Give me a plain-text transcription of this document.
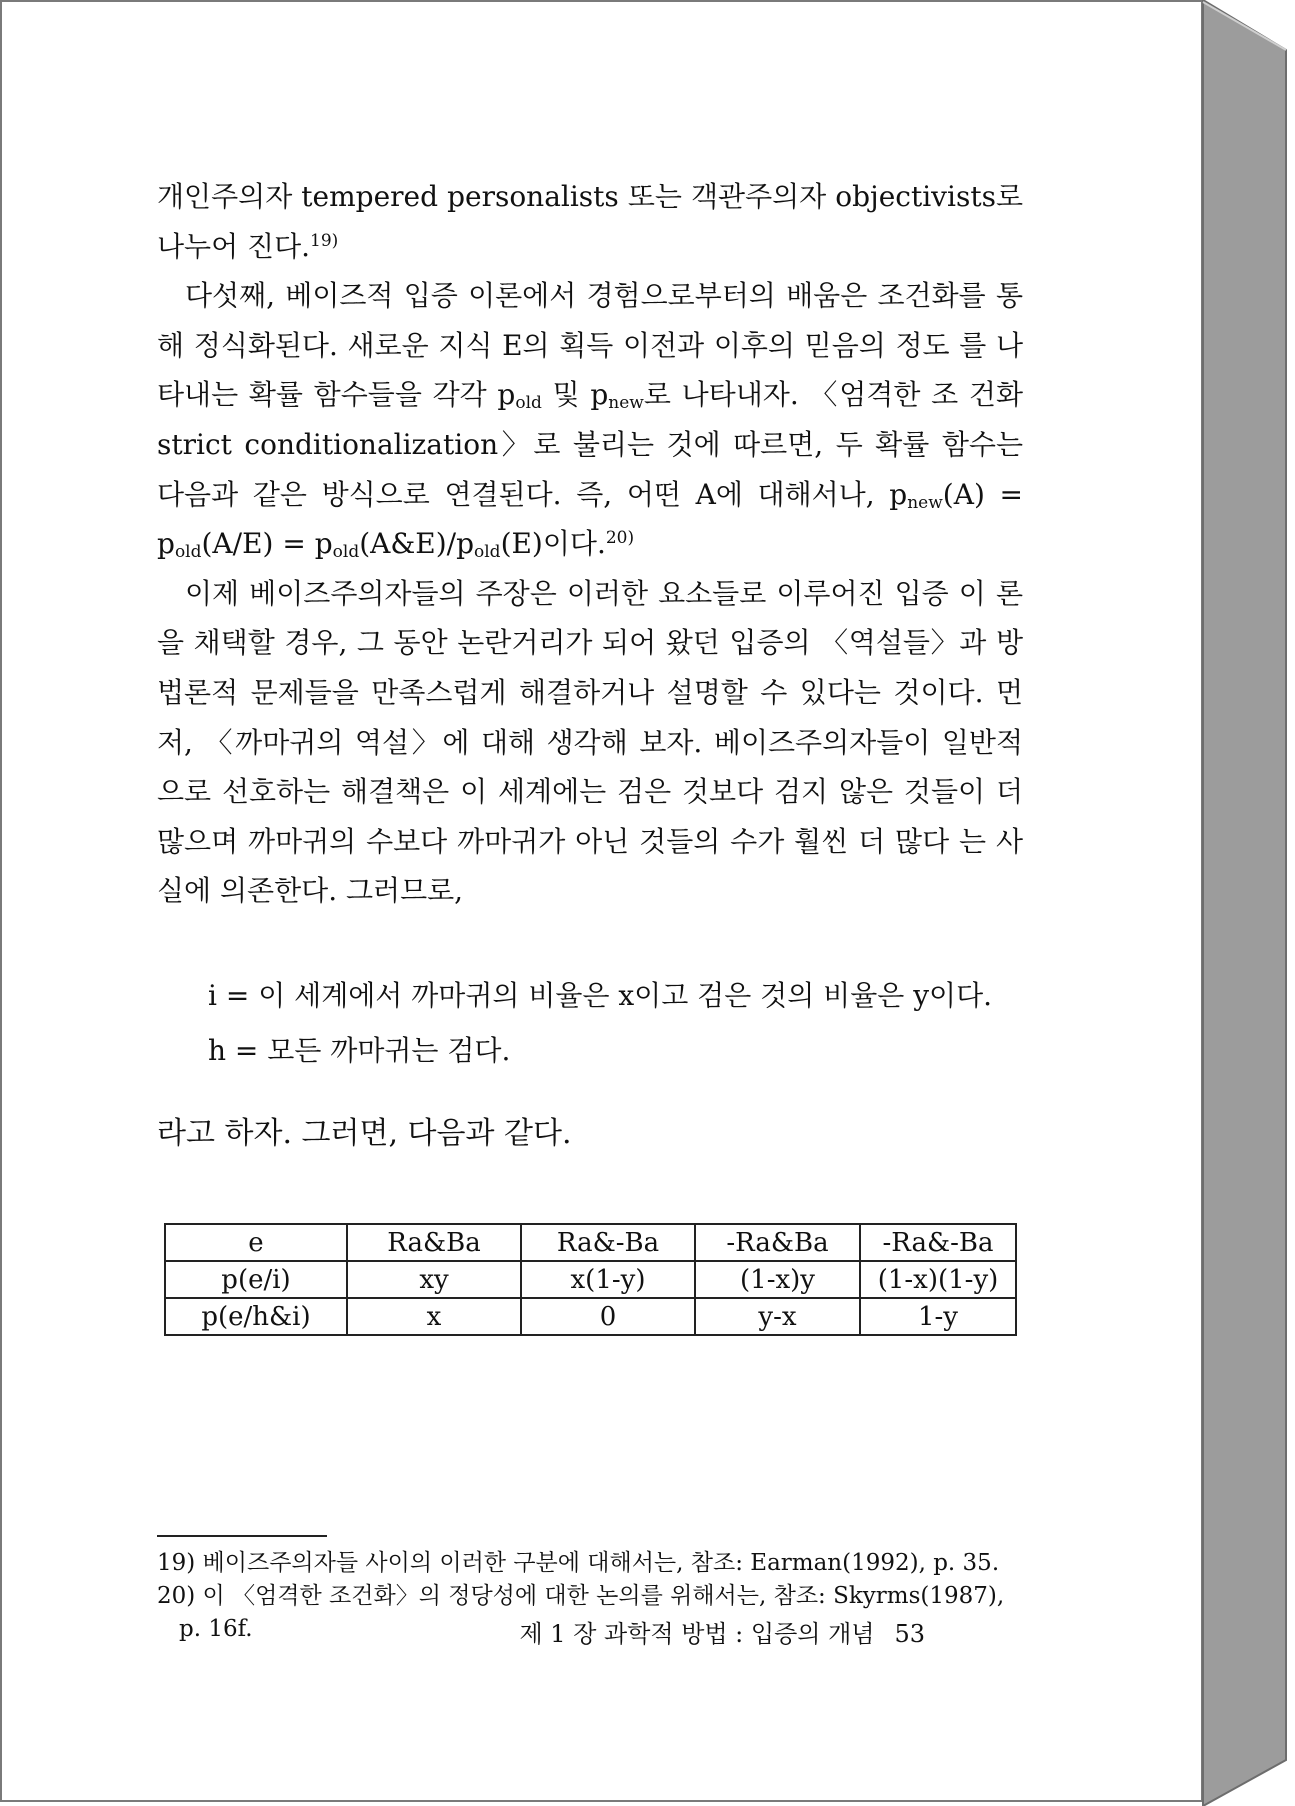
개인주의자 tempered personalists 또는 객관주의자 objectivists로 나누어 진다.$^{19)}$

다섯째, 베이즈적 입증 이론에서 경험으로부터의 배움은 조건화를 통해 정식화된다. 새로운 지식 E의 획득 이전과 이후의 믿음의 정도 를 나타내는 확률 함수들을 각각 $p_{old}$ 및 $p_{new}$로 나타내자. 〈엄격한 조 건화 strict conditionalization〉로 불리는 것에 따르면, 두 확률 함수는 다음과 같은 방식으로 연결된다. 즉, 어떤 A에 대해서나, $p_{new}(A) = p_{old}(A/E)$ = $p_{old}(A\&E)/p_{old}(E)$이다.$^{20)}$

이제 베이즈주의자들의 주장은 이러한 요소들로 이루어진 입증 이 론을 채택할 경우, 그 동안 논란거리가 되어 왔던 입증의 〈역설들〉과 방법론적 문제들을 만족스럽게 해결하거나 설명할 수 있다는 것이다. 먼저, 〈까마귀의 역설〉에 대해 생각해 보자. 베이즈주의자들이 일반적 으로 선호하는 해결책은 이 세계에는 검은 것보다 검지 않은 것들이 더 많으며 까마귀의 수보다 까마귀가 아닌 것들의 수가 훨씬 더 많다 는 사실에 의존한다. 그러므로,

i = 이 세계에서 까마귀의 비율은 x이고 검은 것의 비율은 y이다.
h = 모든 까마귀는 검다.
라고 하자. 그러면, 다음과 같다.
e	Ra&Ba	Ra&-Ba	-Ra&Ba	-Ra&-Ba
p(e/i)	xy	x(1-y)	(1-x)y	(1-x)(1-y)
p(e/h&i)	x	0	y-x	1-y
19) 베이즈주의자들 사이의 이러한 구분에 대해서는, 참조: Earman(1992), p. 35.
20) 이 〈엄격한 조건화〉의 정당성에 대한 논의를 위해서는, 참조: Skyrms(1987),
p. 16f.	제 1 장 과학적 방법 : 입증의 개념 53
